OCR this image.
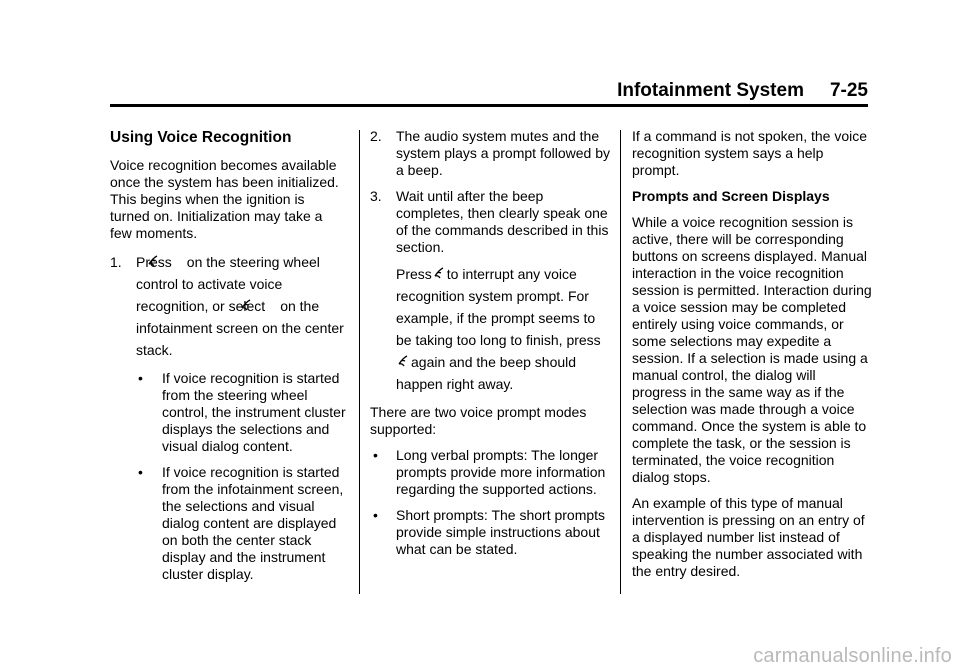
Infotainment System 7-25
Using Voice Recognition

Voice recognition becomes available once the system has been initialized. This begins when the ignition is turned on. Initialization may take a few moments.

1. Press on the steering wheel control to activate voice recognition, or select on the infotainment screen on the center stack.

• If voice recognition is started from the steering wheel control, the instrument cluster displays the selections and visual dialog content.
• If voice recognition is started from the infotainment screen, the selections and visual dialog content are displayed on both the center stack display and the instrument cluster display.

2. The audio system mutes and the system plays a prompt followed by a beep.

3. Wait until after the beep completes, then clearly speak one of the commands described in this section.

Press to interrupt any voice recognition system prompt. For example, if the prompt seems to be taking too long to finish, pressagain and the beep should happen right away.

There are two voice prompt modes supported:

• Long verbal prompts: The longer prompts provide more information regarding the supported actions.
• Short prompts: The short prompts provide simple instructions about what can be stated.

If a command is not spoken, the voice recognition system says a help prompt.

Prompts and Screen Displays

While a voice recognition session is active, there will be corresponding buttons on screens displayed. Manual interaction in the voice recognition session is permitted. Interaction during a voice session may be completed entirely using voice commands, or some selections may expedite a session. If a selection is made using a manual control, the dialog will progress in the same way as if the selection was made through a voice command. Once the system is able to complete the task, or the session is terminated, the voice recognition dialog stops.

An example of this type of manual intervention is pressing on an entry of a displayed number list instead of speaking the number associated with the entry desired.

carmanualsonline.info
